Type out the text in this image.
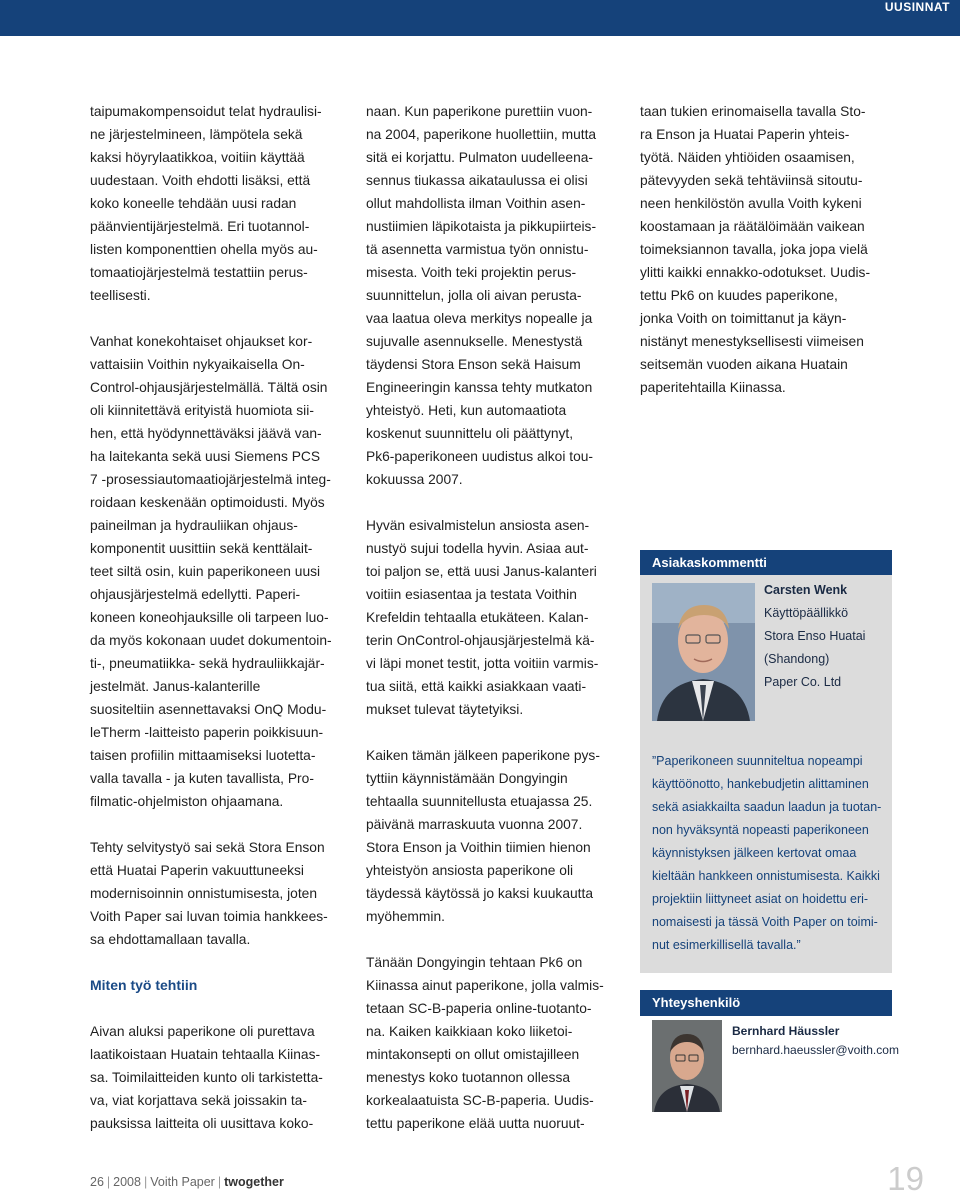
UUSINNAT

taipumakompensoidut telat hydraulisi-
ne järjestelmineen, lämpötela sekä
kaksi höyrylaatikkoa, voitiin käyttää
uudestaan. Voith ehdotti lisäksi, että
koko koneelle tehdään uusi radan
päänvientijärjestelmä. Eri tuotannol-
listen komponenttien ohella myös au-
tomaatiojärjestelmä testattiin perus-
teellisesti.

Vanhat konekohtaiset ohjaukset kor-
vattaisiin Voithin nykyaikaisella On-
Control-ohjausjärjestelmällä. Tältä osin
oli kiinnitettävä erityistä huomiota sii-
hen, että hyödynnettäväksi jäävä van-
ha laitekanta sekä uusi Siemens PCS
7 -prosessiautomaatiojärjestelmä integ-
roidaan keskenään optimoidusti. Myös
paineilman ja hydrauliikan ohjaus-
komponentit uusittiin sekä kenttälait-
teet siltä osin, kuin paperikoneen uusi
ohjausjärjestelmä edellytti. Paperi-
koneen koneohjauksille oli tarpeen luo-
da myös kokonaan uudet dokumentoin-
ti-, pneumatiikka- sekä hydrauliikkajär-
jestelmät. Janus-kalanterille
suositeltiin asennettavaksi OnQ Modu-
leTherm -laitteisto paperin poikkisuun-
taisen profiilin mittaamiseksi luotetta-
valla tavalla - ja kuten tavallista, Pro-
filmatic-ohjelmiston ohjaamana.

Tehty selvitystyö sai sekä Stora Enson
että Huatai Paperin vakuuttuneeksi
modernisoinnin onnistumisesta, joten
Voith Paper sai luvan toimia hankkees-
sa ehdottamallaan tavalla.

Miten työ tehtiin

Aivan aluksi paperikone oli purettava
laatikoistaan Huatain tehtaalla Kiinas-
sa. Toimilaitteiden kunto oli tarkistetta-
va, viat korjattava sekä joissakin ta-
pauksissa laitteita oli uusittava koko-

naan. Kun paperikone purettiin vuon-
na 2004, paperikone huollettiin, mutta
sitä ei korjattu. Pulmaton uudelleena-
sennus tiukassa aikataulussa ei olisi
ollut mahdollista ilman Voithin asen-
nustiimien läpikotaista ja pikkupiirteis-
tä asennetta varmistua työn onnistu-
misesta. Voith teki projektin perus-
suunnittelun, jolla oli aivan perusta-
vaa laatua oleva merkitys nopealle ja
sujuvalle asennukselle. Menestystä
täydensi Stora Enson sekä Haisum
Engineeringin kanssa tehty mutkaton
yhteistyö. Heti, kun automaatiota
koskenut suunnittelu oli päättynyt,
Pk6-paperikoneen uudistus alkoi tou-
kokuussa 2007.

Hyvän esivalmistelun ansiosta asen-
nustyö sujui todella hyvin. Asiaa aut-
toi paljon se, että uusi Janus-kalanteri
voitiin esiasentaa ja testata Voithin
Krefeldin tehtaalla etukäteen. Kalan-
terin OnControl-ohjausjärjestelmä kä-
vi läpi monet testit, jotta voitiin varmis-
tua siitä, että kaikki asiakkaan vaati-
mukset tulevat täytetyiksi.

Kaiken tämän jälkeen paperikone pys-
tyttiin käynnistämään Dongyingin
tehtaalla suunnitellusta etuajassa 25.
päivänä marraskuuta vuonna 2007.
Stora Enson ja Voithin tiimien hienon
yhteistyön ansiosta paperikone oli
täydessä käytössä jo kaksi kuukautta
myöhemmin.

Tänään Dongyingin tehtaan Pk6 on
Kiinassa ainut paperikone, jolla valmis-
tetaan SC-B-paperia online-tuotanto-
na. Kaiken kaikkiaan koko liiketoi-
mintakonsepti on ollut omistajilleen
menestys koko tuotannon ollessa
korkealaatuista SC-B-paperia. Uudis-
tettu paperikone elää uutta nuoruut-

taan tukien erinomaisella tavalla Sto-
ra Enson ja Huatai Paperin yhteis-
työtä. Näiden yhtiöiden osaamisen,
pätevyyden sekä tehtäviinsä sitoutu-
neen henkilöstön avulla Voith kykeni
koostamaan ja räätälöimään vaikean
toimeksiannon tavalla, joka jopa vielä
ylitti kaikki ennakko-odotukset. Uudis-
tettu Pk6 on kuudes paperikone,
jonka Voith on toimittanut ja käyn-
nistänyt menestyksellisesti viimeisen
seitsemän vuoden aikana Huatain
paperitehtailla Kiinassa.

Asiakaskommentti
Carsten Wenk
Käyttöpäällikkö
Stora Enso Huatai
(Shandong)
Paper Co. Ltd
”Paperikoneen suunniteltua nopeampi
käyttöönotto, hankebudjetin alittaminen
sekä asiakkailta saadun laadun ja tuotan-
non hyväksyntä nopeasti paperikoneen
käynnistyksen jälkeen kertovat omaa
kieltään hankkeen onnistumisesta. Kaikki
projektiin liittyneet asiat on hoidettu eri-
nomaisesti ja tässä Voith Paper on toimi-
nut esimerkillisellä tavalla.”
Yhteyshenkilö
Bernhard Häussler
bernhard.haeussler@voith.com
26 | 2008 | Voith Paper | twogether	19
